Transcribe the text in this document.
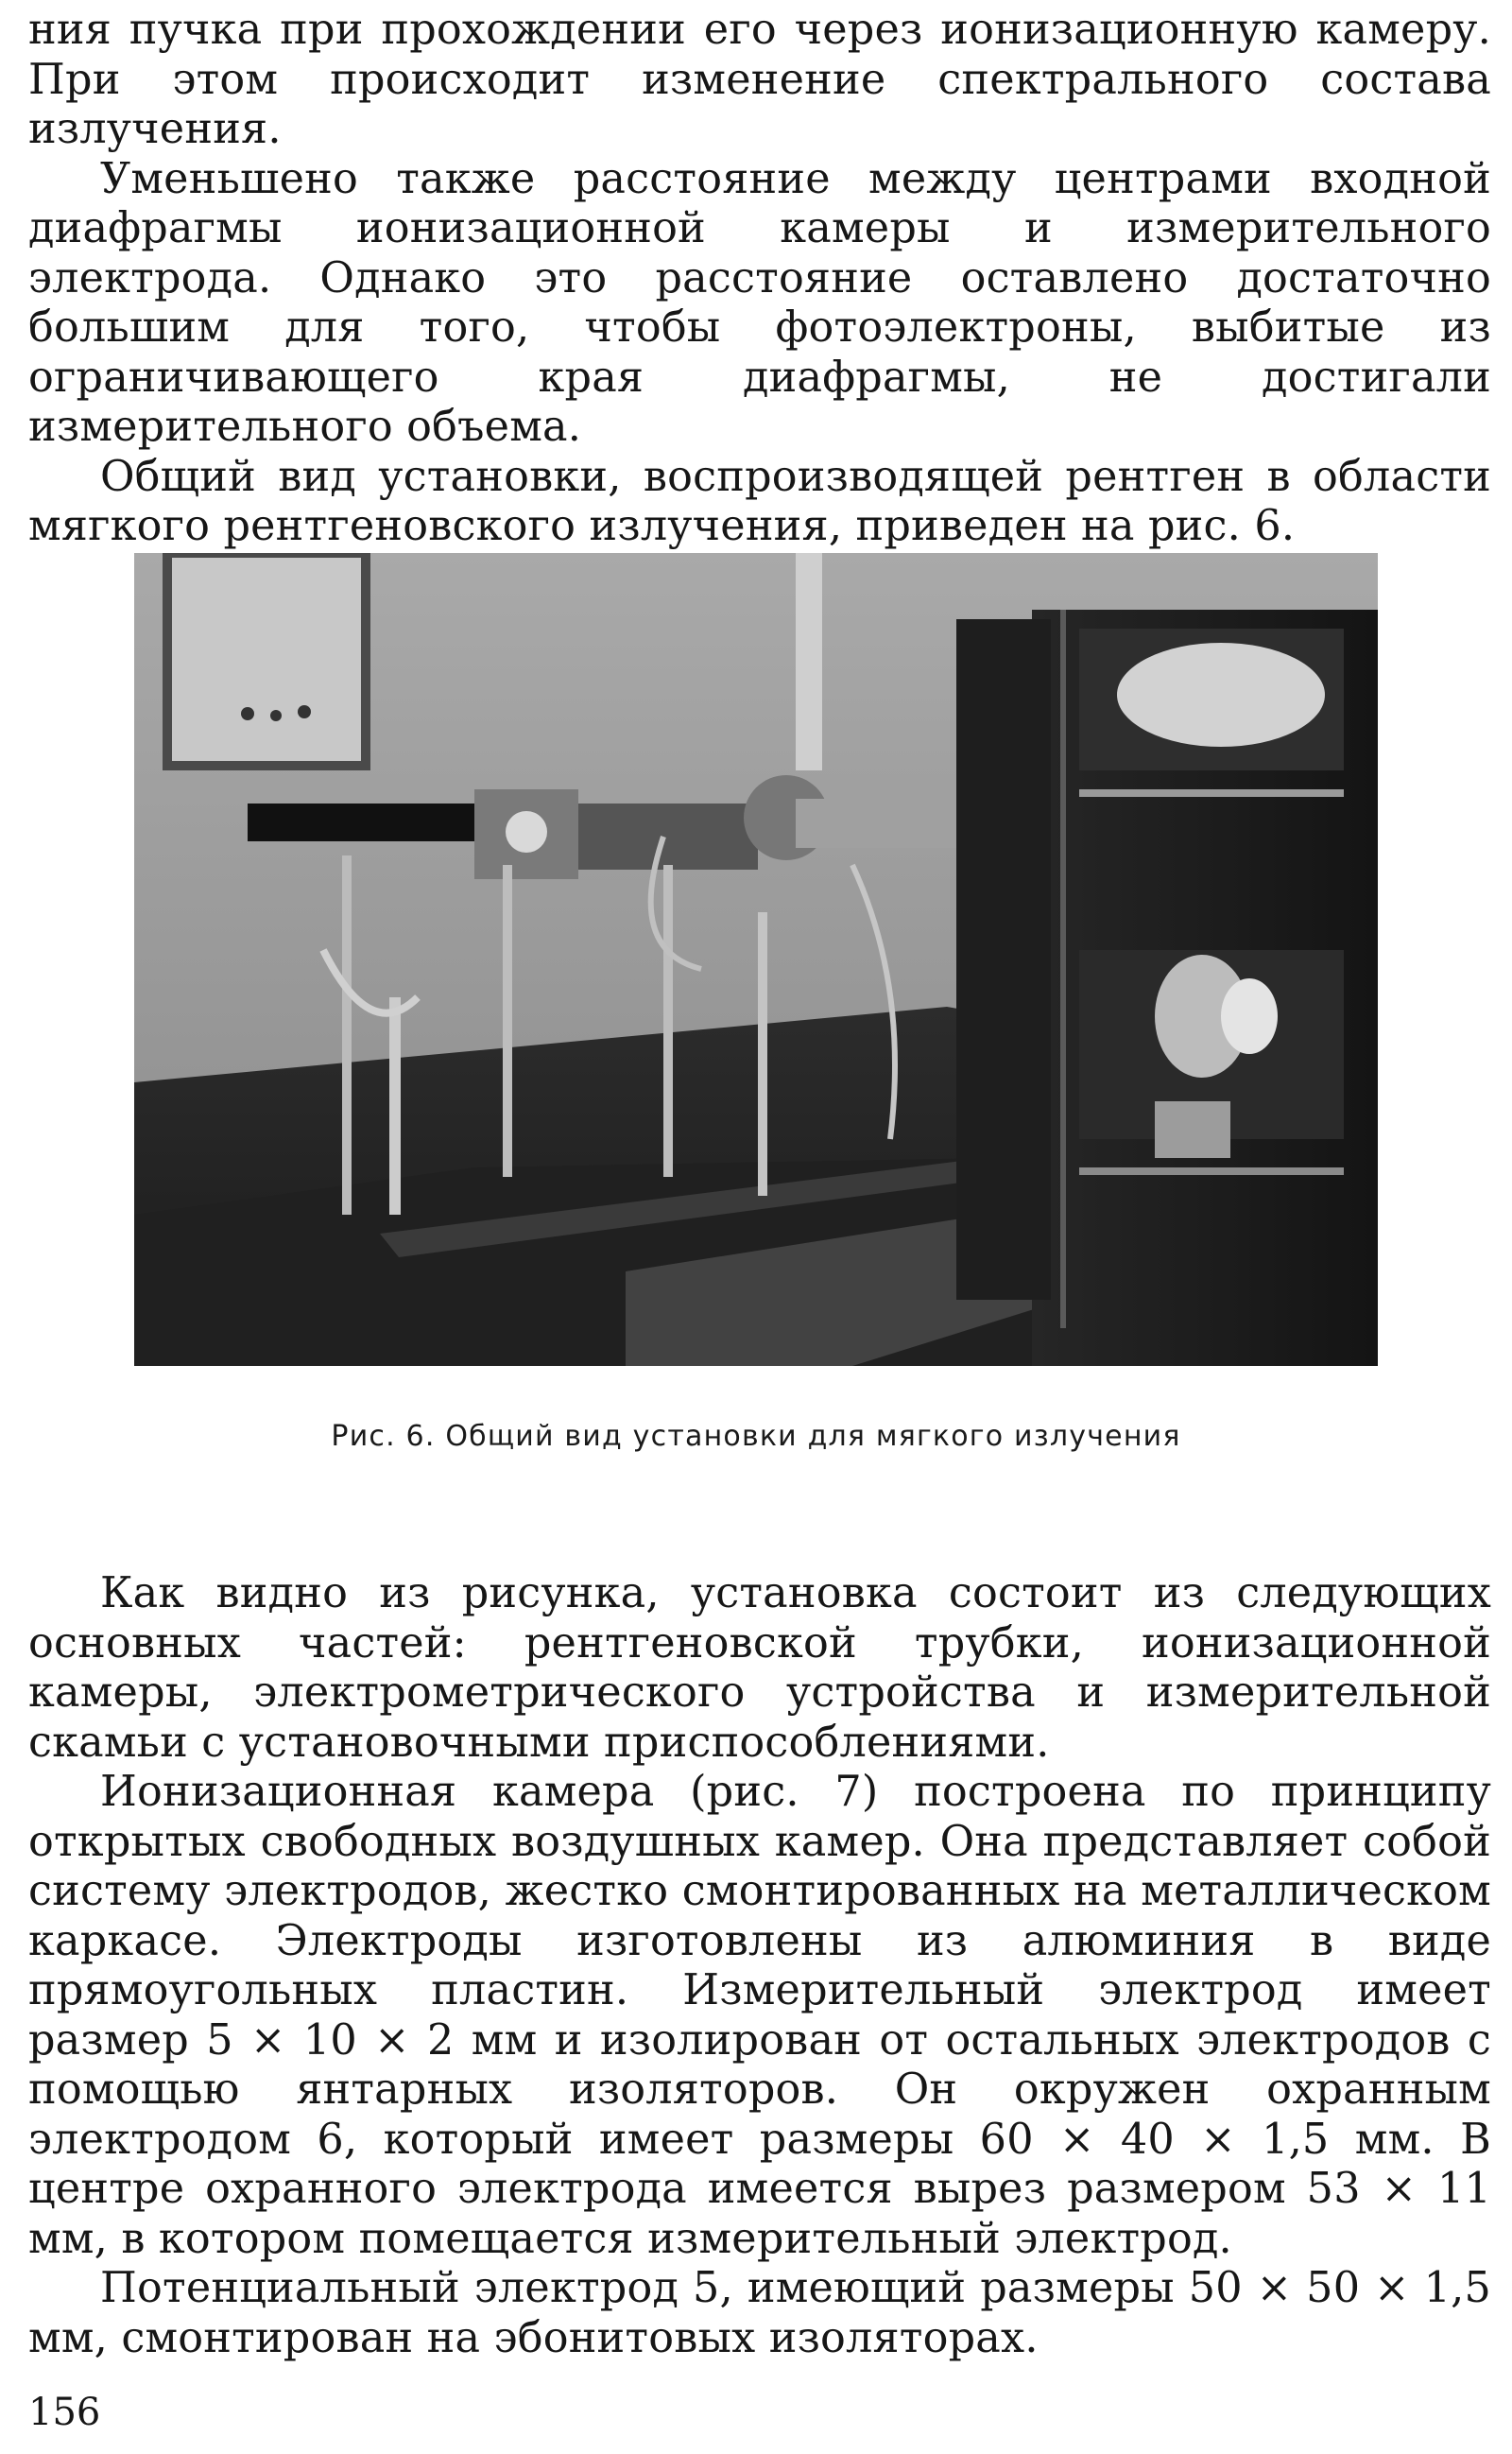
ния пучка при прохождении его через ионизационную камеру. При этом происходит изменение спектрального состава излучения.

Уменьшено также расстояние между центрами входной диафрагмы ионизационной камеры и измерительного электрода. Однако это расстояние оставлено достаточно большим для того, чтобы фотоэлектроны, выбитые из ограничивающего края диафрагмы, не достигали измерительного объема.

Общий вид установки, воспроизводящей рентген в области мягкого рентгеновского излучения, приведен на рис. 6.

Рис. 6. Общий вид установки для мягкого излучения

Как видно из рисунка, установка состоит из следующих основных частей: рентгеновской трубки, ионизационной камеры, электрометрического устройства и измерительной скамьи с установочными приспособлениями.

Ионизационная камера (рис. 7) построена по принципу открытых свободных воздушных камер. Она представляет собой систему электродов, жестко смонтированных на металлическом каркасе. Электроды изготовлены из алюминия в виде прямоугольных пластин. Измерительный электрод имеет размер 5 × 10 × 2 мм и изолирован от остальных электродов с помощью янтарных изоляторов. Он окружен охранным электродом 6, который имеет размеры 60 × 40 × 1,5 мм. В центре охранного электрода имеется вырез размером 53 × 11 мм, в котором помещается измерительный электрод.

Потенциальный электрод 5, имеющий размеры 50 × 50 × 1,5 мм, смонтирован на эбонитовых изоляторах.

156
